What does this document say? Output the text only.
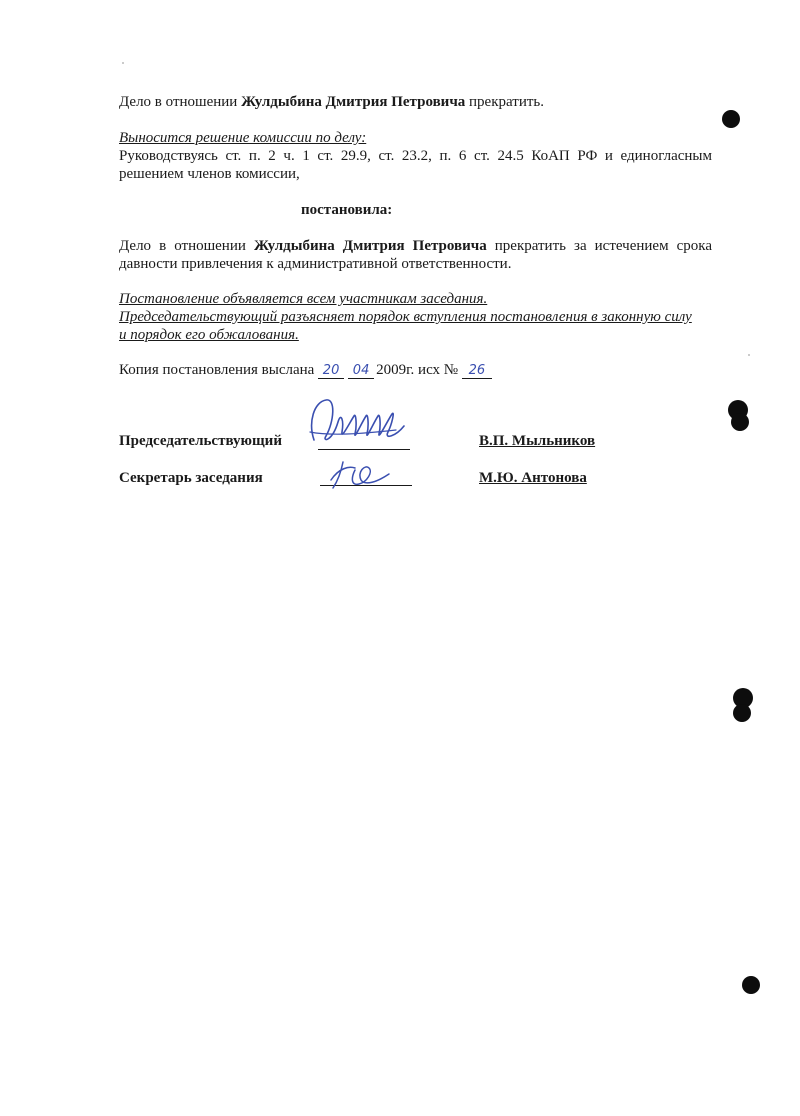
Дело в отношении Жулдыбина Дмитрия Петровича прекратить.
Выносится решение комиссии по делу:
Руководствуясь ст. п. 2 ч. 1 ст. 29.9, ст. 23.2, п. 6 ст. 24.5 КоАП РФ и единогласным
решением членов комиссии,
постановила:
Дело в отношении Жулдыбина Дмитрия Петровича прекратить за истечением срока
давности привлечения к административной ответственности.
Постановление объявляется всем участникам заседания.
Председательствующий разъясняет порядок вступления постановления в законную силу
и порядок его обжалования.
Копия постановления выслана 20 04 2009г. исх № 26
Председательствующий	В.П. Мыльников
Секретарь заседания	М.Ю. Антонова
